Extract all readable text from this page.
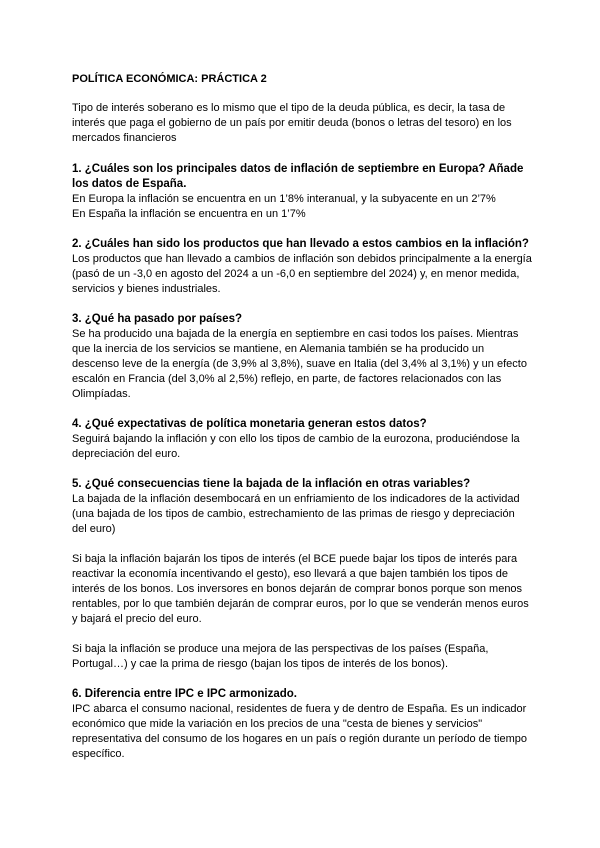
POLÍTICA ECONÓMICA: PRÁCTICA 2

Tipo de interés soberano es lo mismo que el tipo de la deuda pública, es decir, la tasa de interés que paga el gobierno de un país por emitir deuda (bonos o letras del tesoro) en los mercados financieros

1. ¿Cuáles son los principales datos de inflación de septiembre en Europa? Añade los datos de España.

En Europa la inflación se encuentra en un 1’8% interanual, y la subyacente en un 2’7%

En España la inflación se encuentra en un 1’7%

2. ¿Cuáles han sido los productos que han llevado a estos cambios en la inflación?

Los productos que han llevado a cambios de inflación son debidos principalmente a la energía (pasó de un -3,0 en agosto del 2024 a un -6,0 en septiembre del 2024) y, en menor medida, servicios y bienes industriales.

3. ¿Qué ha pasado por países?

Se ha producido una bajada de la energía en septiembre en casi todos los países. Mientras que la inercia de los servicios se mantiene, en Alemania también se ha producido un descenso leve de la energía (de 3,9% al 3,8%), suave en Italia (del 3,4% al 3,1%) y un efecto escalón en Francia (del 3,0% al 2,5%) reflejo, en parte, de factores relacionados con las Olimpíadas.

4. ¿Qué expectativas de política monetaria generan estos datos?

Seguirá bajando la inflación y con ello los tipos de cambio de la eurozona, produciéndose la depreciación del euro.

5. ¿Qué consecuencias tiene la bajada de la inflación en otras variables?

La bajada de la inflación desembocará en un enfriamiento de los indicadores de la actividad (una bajada de los tipos de cambio, estrechamiento de las primas de riesgo y depreciación del euro)

Si baja la inflación bajarán los tipos de interés (el BCE puede bajar los tipos de interés para reactivar la economía incentivando el gesto), eso llevará a que bajen también los tipos de interés de los bonos. Los inversores en bonos dejarán de comprar bonos porque son menos rentables, por lo que también dejarán de comprar euros, por lo que se venderán menos euros y bajará el precio del euro.

Si baja la inflación se produce una mejora de las perspectivas de los países (España, Portugal…) y cae la prima de riesgo (bajan los tipos de interés de los bonos).

6. Diferencia entre IPC e IPC armonizado.

IPC abarca el consumo nacional, residentes de fuera y de dentro de España. Es un indicador económico que mide la variación en los precios de una "cesta de bienes y servicios" representativa del consumo de los hogares en un país o región durante un período de tiempo específico.
